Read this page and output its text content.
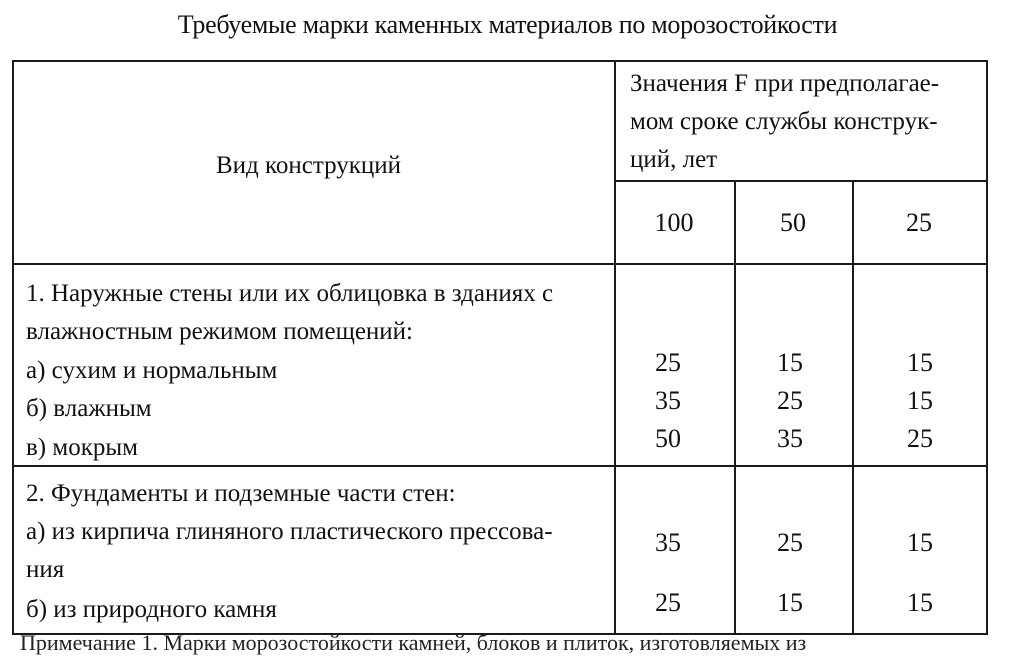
Требуемые марки каменных материалов по морозостойкости
Вид конструкций
Значения F при предполагае-
мом сроке службы конструк-
ций, лет
100	50	25
1. Наружные стены или их облицовка в зданиях с
влажностным режимом помещений:
а) сухим и нормальным	25	15	15
б) влажным	35	25	15
в) мокрым	50	35	25
2. Фундаменты и подземные части стен:
а) из кирпича глиняного пластического прессова-
ния
35	25	15
б) из природного камня	25	15	15
Примечание 1. Марки морозостойкости камней, блоков и плиток, изготовляемых из
